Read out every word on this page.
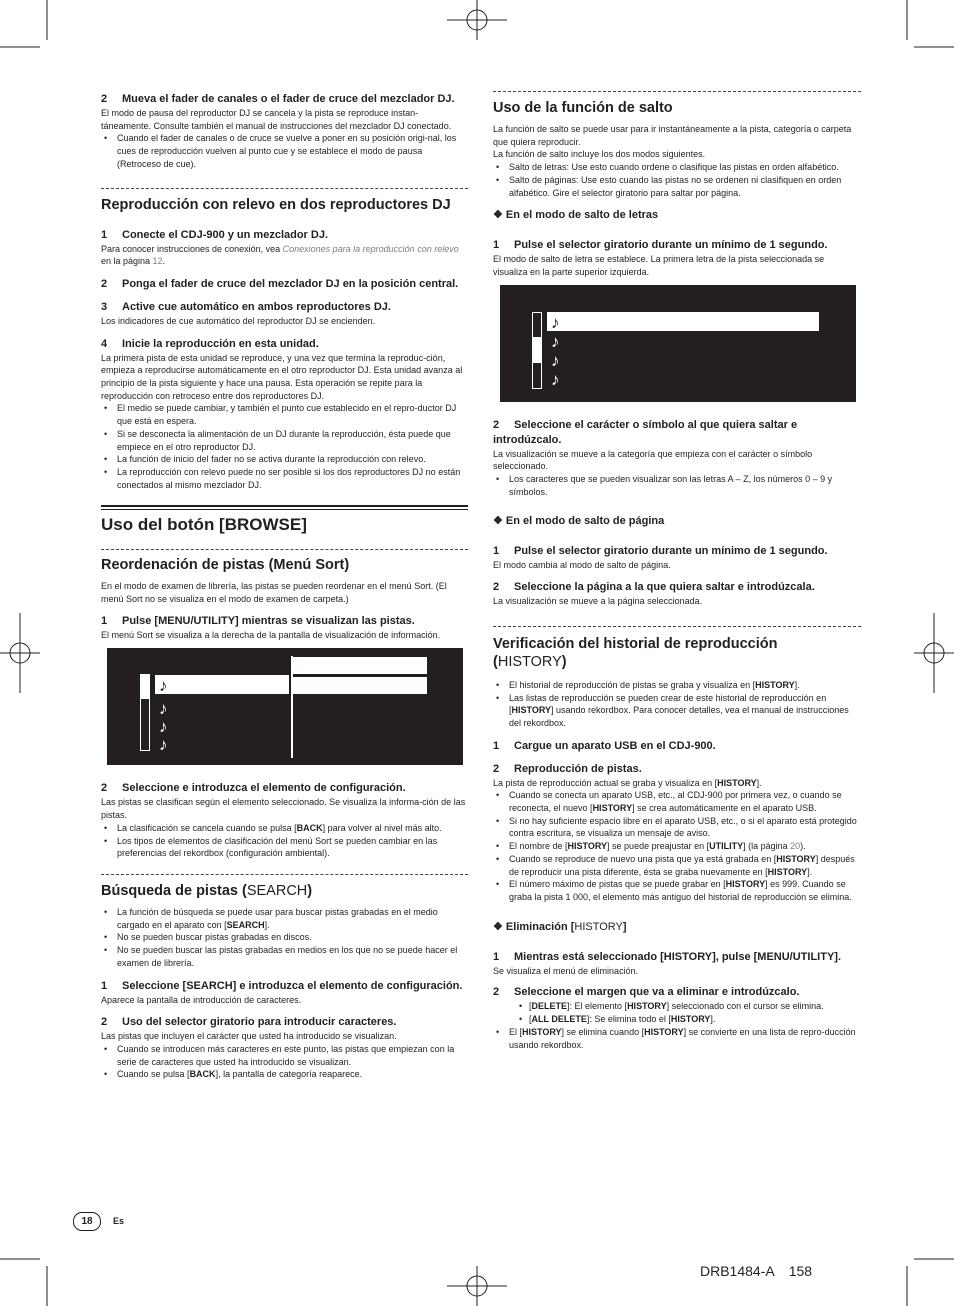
2 Mueva el fader de canales o el fader de cruce del mezclador DJ.

El modo de pausa del reproductor DJ se cancela y la pista se reproduce instan-táneamente. Consulte también el manual de instrucciones del mezclador DJ conectado.

• Cuando el fader de canales o de cruce se vuelve a poner en su posición origi-nal, los cues de reproducción vuelven al punto cue y se establece el modo de pausa (Retroceso de cue).

Reproducción con relevo en dos reproductores DJ

1 Conecte el CDJ-900 y un mezclador DJ.

Para conocer instrucciones de conexión, vea Conexiones para la reproducción con relevo en la página 12.

2 Ponga el fader de cruce del mezclador DJ en la posición central.

3 Active cue automático en ambos reproductores DJ.

Los indicadores de cue automático del reproductor DJ se encienden.

4 Inicie la reproducción en esta unidad.

La primera pista de esta unidad se reproduce, y una vez que termina la reproduc-ción, empieza a reproducirse automáticamente en el otro reproductor DJ. Esta unidad avanza al principio de la pista siguiente y hace una pausa. Esta operación se repite para la reproducción con retroceso entre dos reproductores DJ.

• El medio se puede cambiar, y también el punto cue establecido en el repro-ductor DJ que está en espera.
• Si se desconecta la alimentación de un DJ durante la reproducción, ésta puede que empiece en el otro reproductor DJ.
• La función de inicio del fader no se activa durante la reproducción con relevo.
• La reproducción con relevo puede no ser posible si los dos reproductores DJ no están conectados al mismo mezclador DJ.

Uso del botón [BROWSE]

Reordenación de pistas (Menú Sort)

En el modo de examen de librería, las pistas se pueden reordenar en el menú Sort. (El menú Sort no se visualiza en el modo de examen de carpeta.)

1 Pulse [MENU/UTILITY] mientras se visualizan las pistas.

El menú Sort se visualiza a la derecha de la pantalla de visualización de información.

♪
♪
♪
♪

2 Seleccione e introduzca el elemento de configuración.

Las pistas se clasifican según el elemento seleccionado. Se visualiza la informa-ción de las pistas.

• La clasificación se cancela cuando se pulsa [BACK] para volver al nivel más alto.
• Los tipos de elementos de clasificación del menú Sort se pueden cambiar en las preferencias del rekordbox (configuración ambiental).

Búsqueda de pistas (SEARCH)

• La función de búsqueda se puede usar para buscar pistas grabadas en el medio cargado en el aparato con [SEARCH].
• No se pueden buscar pistas grabadas en discos.
• No se pueden buscar las pistas grabadas en medios en los que no se puede hacer el examen de librería.

1 Seleccione [SEARCH] e introduzca el elemento de configuración.

Aparece la pantalla de introducción de caracteres.

2 Uso del selector giratorio para introducir caracteres.

Las pistas que incluyen el carácter que usted ha introducido se visualizan.

• Cuando se introducen más caracteres en este punto, las pistas que empiezan con la serie de caracteres que usted ha introducido se visualizan.
• Cuando se pulsa [BACK], la pantalla de categoría reaparece.

Uso de la función de salto

La función de salto se puede usar para ir instantáneamente a la pista, categoría o carpeta que quiera reproducir.

La función de salto incluye los dos modos siguientes.

• Salto de letras: Use esto cuando ordene o clasifique las pistas en orden alfabético.
• Salto de páginas: Use esto cuando las pistas no se ordenen ni clasifiquen en orden alfabético. Gire el selector giratorio para saltar por página.

❖ En el modo de salto de letras

1 Pulse el selector giratorio durante un mínimo de 1 segundo.

El modo de salto de letra se establece. La primera letra de la pista seleccionada se visualiza en la parte superior izquierda.

♪
♪
♪
♪

2 Seleccione el carácter o símbolo al que quiera saltar e introdúzcalo.

La visualización se mueve a la categoría que empieza con el carácter o símbolo seleccionado.

• Los caracteres que se pueden visualizar son las letras A – Z, los números 0 – 9 y símbolos.

❖ En el modo de salto de página

1 Pulse el selector giratorio durante un mínimo de 1 segundo.

El modo cambia al modo de salto de página.

2 Seleccione la página a la que quiera saltar e introdúzcala.

La visualización se mueve a la página seleccionada.

Verificación del historial de reproducción
(HISTORY)

• El historial de reproducción de pistas se graba y visualiza en [HISTORY].
• Las listas de reproducción se pueden crear de este historial de reproducción en [HISTORY] usando rekordbox. Para conocer detalles, vea el manual de instrucciones del rekordbox.

1 Cargue un aparato USB en el CDJ-900.

2 Reproducción de pistas.

La pista de reproducción actual se graba y visualiza en [HISTORY].

• Cuando se conecta un aparato USB, etc., al CDJ-900 por primera vez, o cuando se reconecta, el nuevo [HISTORY] se crea automáticamente en el aparato USB.
• Si no hay suficiente espacio libre en el aparato USB, etc., o si el aparato está protegido contra escritura, se visualiza un mensaje de aviso.
• El nombre de [HISTORY] se puede preajustar en [UTILITY] (la página 20).
• Cuando se reproduce de nuevo una pista que ya está grabada en [HISTORY] después de reproducir una pista diferente, ésta se graba nuevamente en [HISTORY].
• El número máximo de pistas que se puede grabar en [HISTORY] es 999. Cuando se graba la pista 1 000, el elemento más antiguo del historial de reproducción se elimina.

❖ Eliminación [HISTORY]

1 Mientras está seleccionado [HISTORY], pulse [MENU/UTILITY].

Se visualiza el menú de eliminación.

2 Seleccione el margen que va a eliminar e introdúzcalo.

• [DELETE]: El elemento [HISTORY] seleccionado con el cursor se elimina.
• [ALL DELETE]: Se elimina todo el [HISTORY].
• El [HISTORY] se elimina cuando [HISTORY] se convierte en una lista de repro-ducción usando rekordbox.
18	Es
DRB1484-A 158
